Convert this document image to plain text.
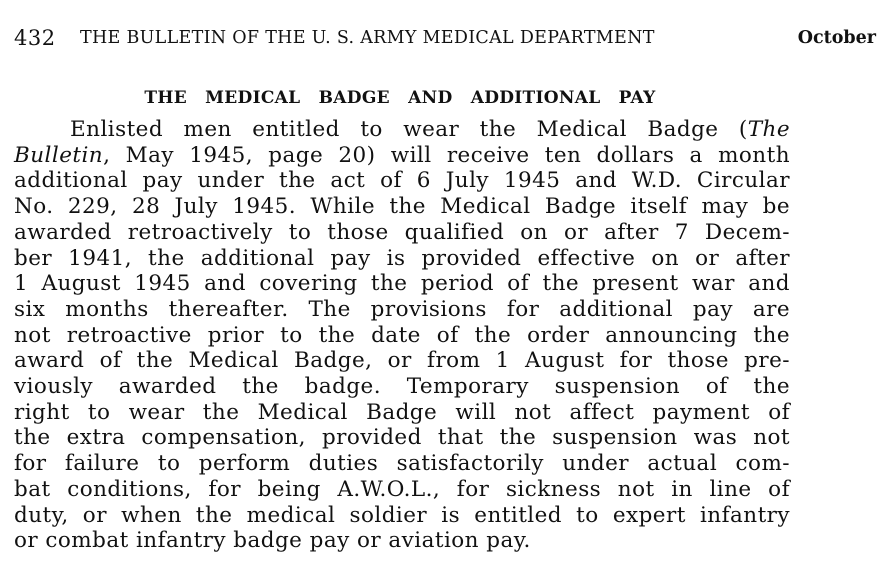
432 THE BULLETIN OF THE U. S. ARMY MEDICAL DEPARTMENT	October
THE MEDICAL BADGE AND ADDITIONAL PAY
Enlisted men entitled to wear the Medical Badge (The
Bulletin, May 1945, page 20) will receive ten dollars a month
additional pay under the act of 6 July 1945 and W.D. Circular
No. 229, 28 July 1945. While the Medical Badge itself may be
awarded retroactively to those qualified on or after 7 Decem-
ber 1941, the additional pay is provided effective on or after
1 August 1945 and covering the period of the present war and
six months thereafter. The provisions for additional pay are
not retroactive prior to the date of the order announcing the
award of the Medical Badge, or from 1 August for those pre-
viously awarded the badge. Temporary suspension of the
right to wear the Medical Badge will not affect payment of
the extra compensation, provided that the suspension was not
for failure to perform duties satisfactorily under actual com-
bat conditions, for being A.W.O.L., for sickness not in line of
duty, or when the medical soldier is entitled to expert infantry
or combat infantry badge pay or aviation pay.
